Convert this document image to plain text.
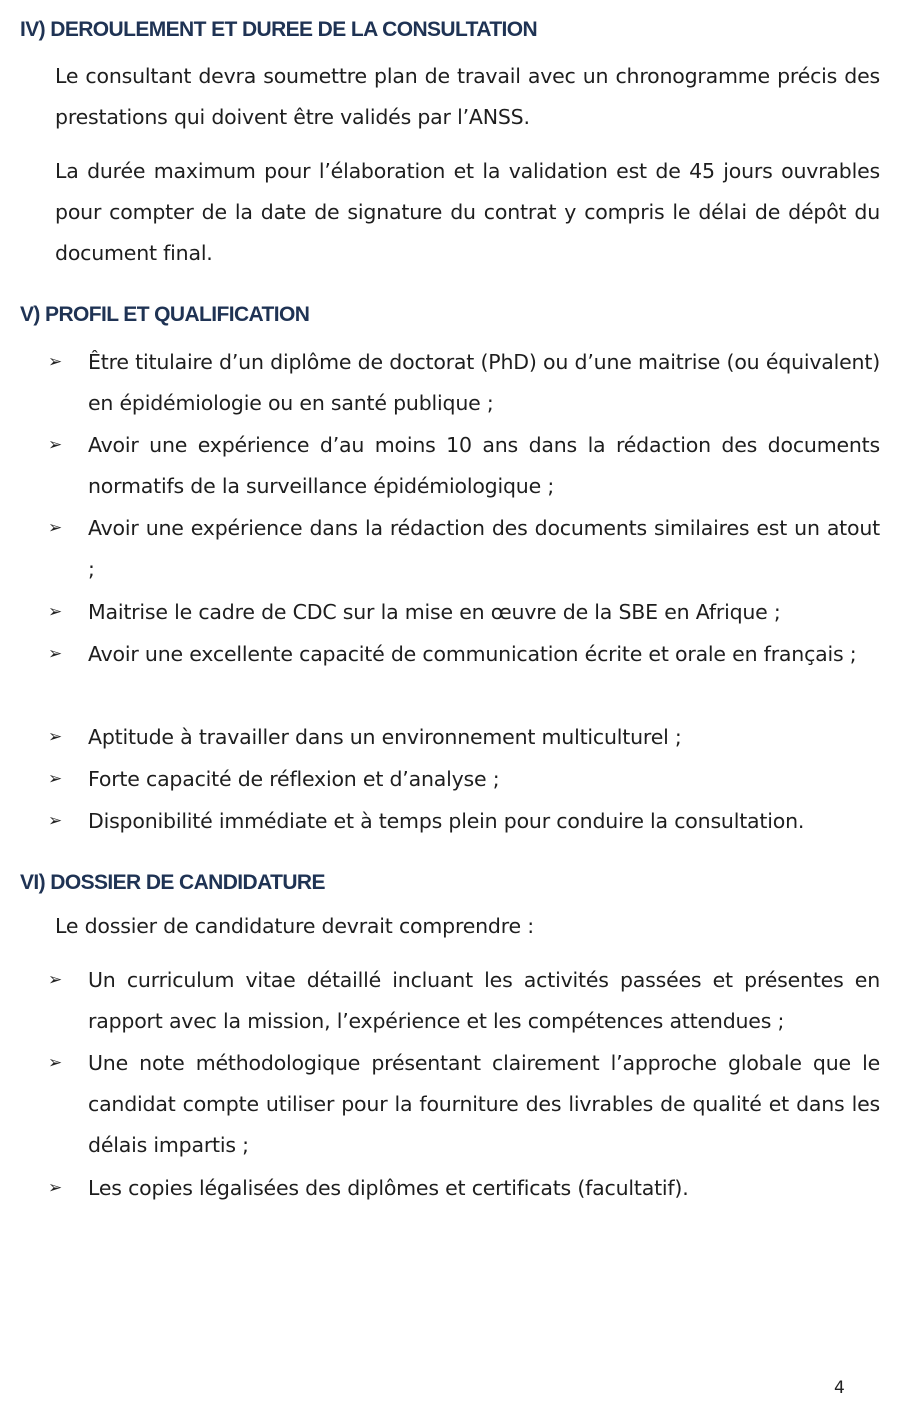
IV) DEROULEMENT ET DUREE DE LA CONSULTATION

Le consultant devra soumettre plan de travail avec un chronogramme précis des prestations qui doivent être validés par l’ANSS.

La durée maximum pour l’élaboration et la validation est de 45 jours ouvrables pour compter de la date de signature du contrat y compris le délai de dépôt du document final.

V) PROFIL ET QUALIFICATION
➢ Être titulaire d’un diplôme de doctorat (PhD) ou d’une maitrise (ou équivalent) en épidémiologie ou en santé publique ;
➢ Avoir une expérience d’au moins 10 ans dans la rédaction des documents normatifs de la surveillance épidémiologique ;
➢ Avoir une expérience dans la rédaction des documents similaires est un atout ;
➢ Maitrise le cadre de CDC sur la mise en œuvre de la SBE en Afrique ;
➢ Avoir une excellente capacité de communication écrite et orale en français ;
➢ Aptitude à travailler dans un environnement multiculturel ;
➢ Forte capacité de réflexion et d’analyse ;
➢ Disponibilité immédiate et à temps plein pour conduire la consultation.
VI) DOSSIER DE CANDIDATURE

Le dossier de candidature devrait comprendre :

➢ Un curriculum vitae détaillé incluant les activités passées et présentes en rapport avec la mission, l’expérience et les compétences attendues ;
➢ Une note méthodologique présentant clairement l’approche globale que le candidat compte utiliser pour la fourniture des livrables de qualité et dans les délais impartis ;
➢ Les copies légalisées des diplômes et certificats (facultatif).
4
